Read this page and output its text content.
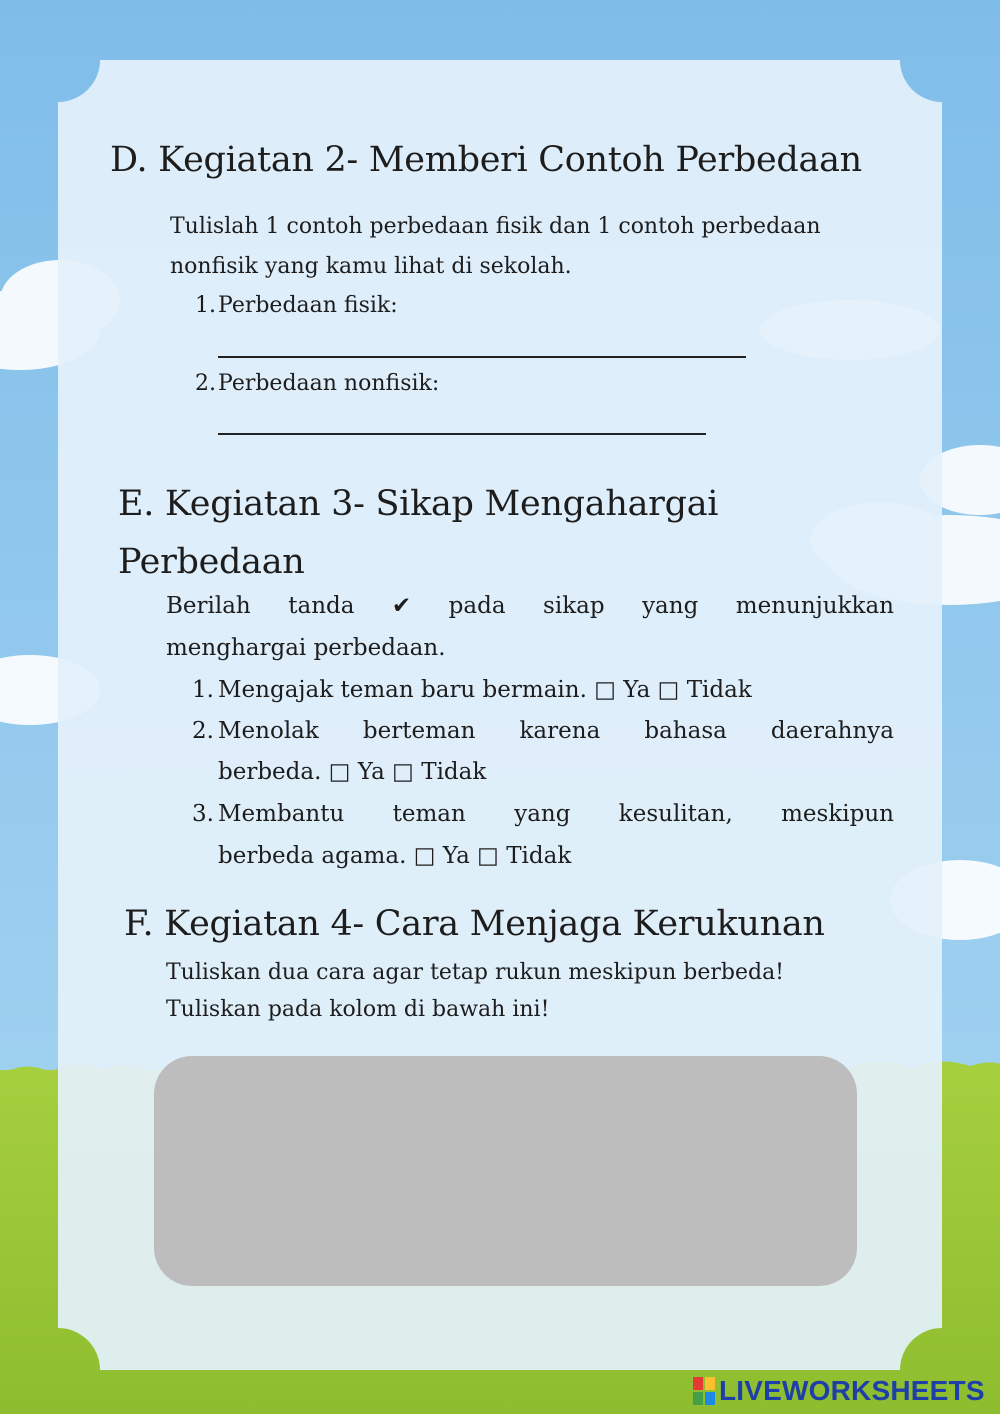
D. Kegiatan 2- Memberi Contoh Perbedaan
Tulislah 1 contoh perbedaan fisik dan 1 contoh perbedaan
nonfisik yang kamu lihat di sekolah.
1. Perbedaan fisik:
2. Perbedaan nonfisik:
E. Kegiatan 3- Sikap Mengahargai
Perbedaan
Berilah tanda ✔ pada sikap yang menunjukkan
menghargai perbedaan.
1. Mengajak teman baru bermain. □ Ya □ Tidak
2. Menolak berteman karena bahasa daerahnya
berbeda. □ Ya □ Tidak
3. Membantu teman yang kesulitan, meskipun
berbeda agama. □ Ya □ Tidak
F. Kegiatan 4- Cara Menjaga Kerukunan
Tuliskan dua cara agar tetap rukun meskipun berbeda!
Tuliskan pada kolom di bawah ini!
LIVEWORKSHEETS
